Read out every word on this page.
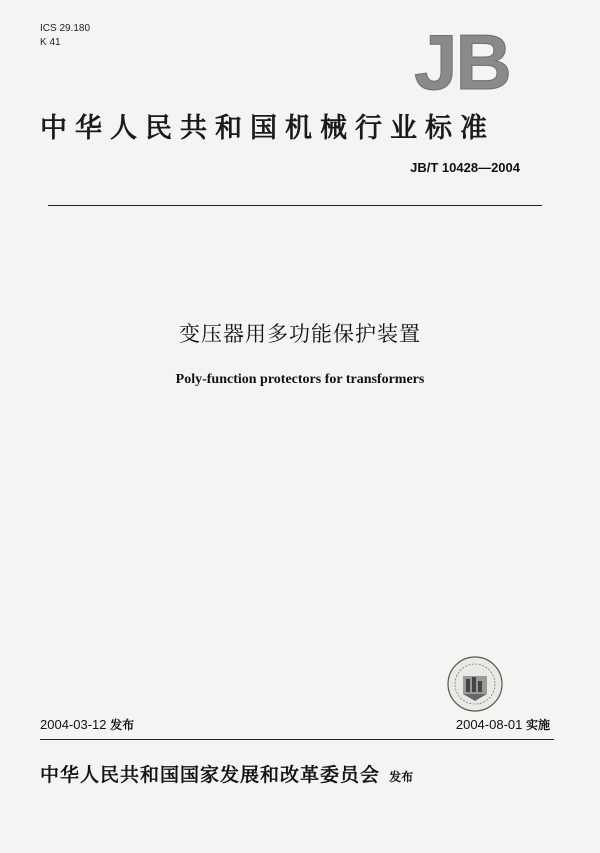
ICS 29.180
K 41	JB
中华人民共和国机械行业标准
JB/T 10428—2004
变压器用多功能保护装置
Poly-function protectors for transformers
2004-03-12 发布	2004-08-01 实施
中华人民共和国国家发展和改革委员会 发布
